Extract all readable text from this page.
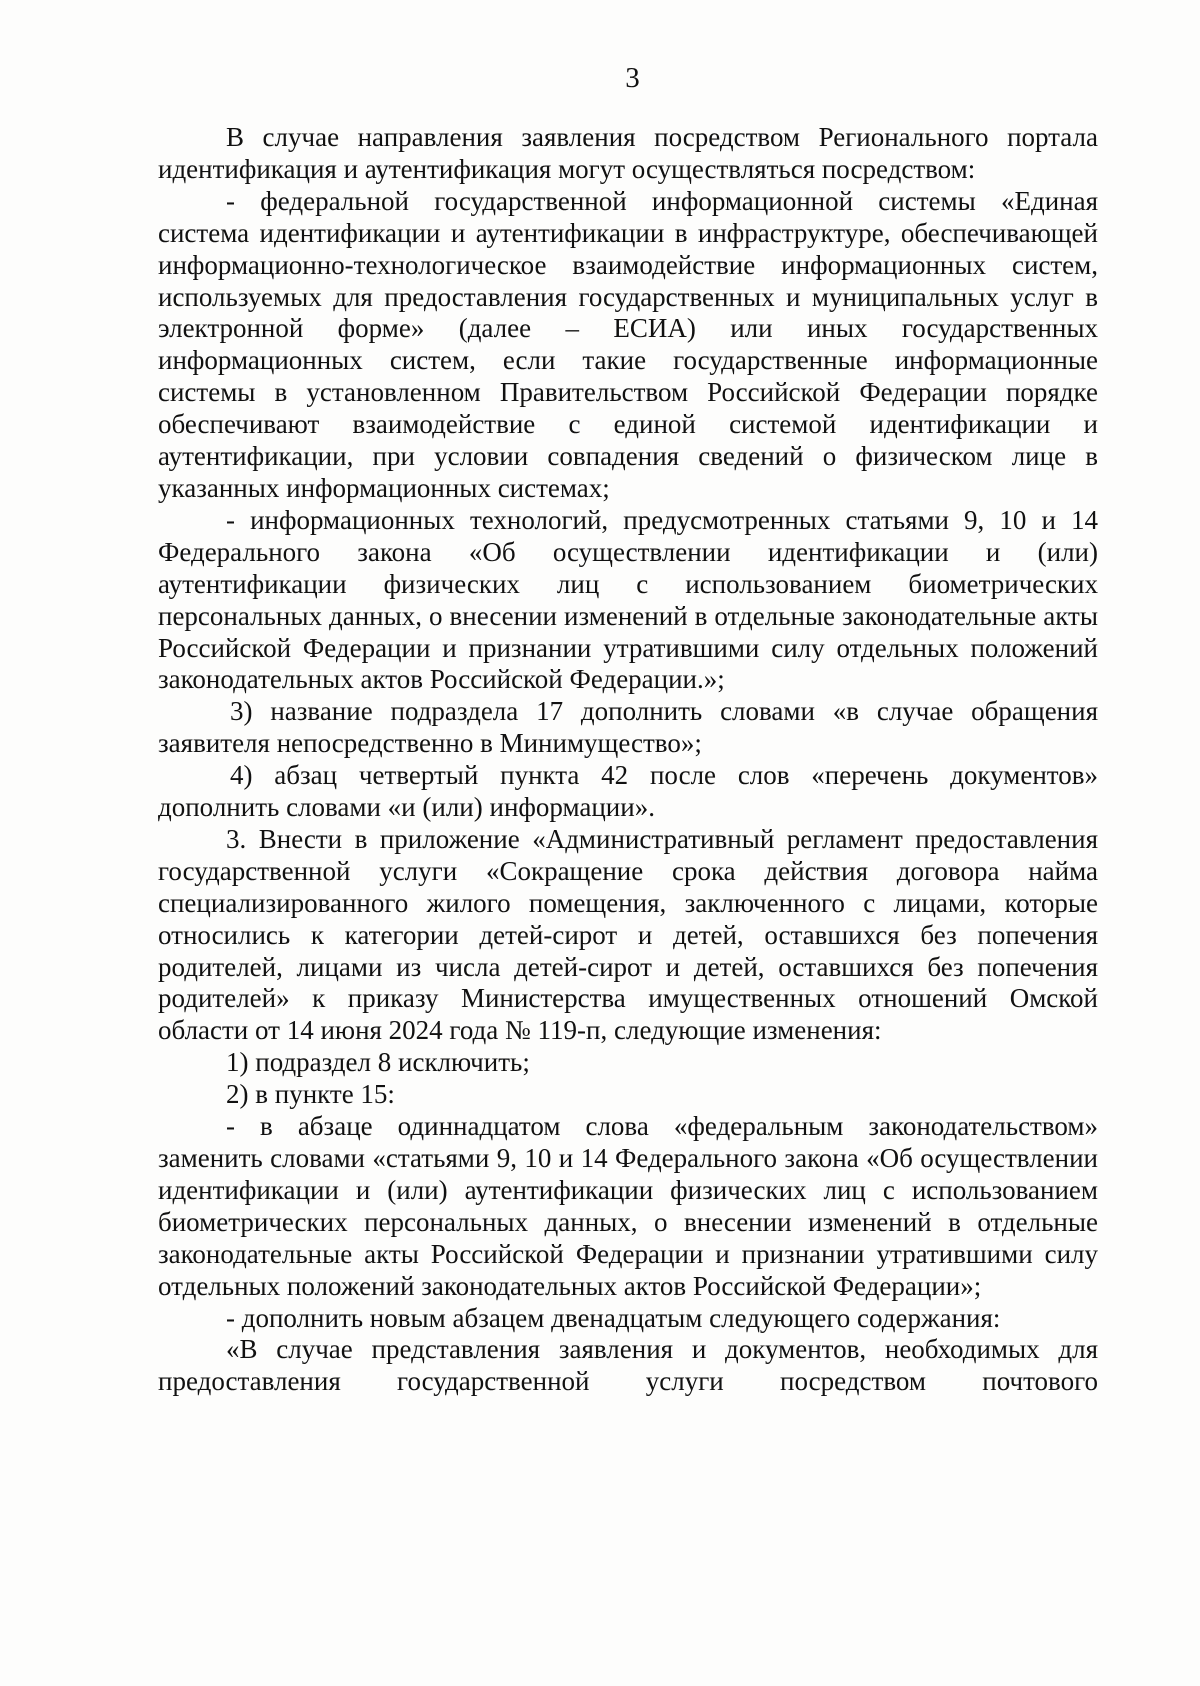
3

В случае направления заявления посредством Регионального портала идентификация и аутентификация могут осуществляться посредством:

- федеральной государственной информационной системы «Единая система идентификации и аутентификации в инфраструктуре, обеспечивающей информационно-технологическое взаимодействие информационных систем, используемых для предоставления государственных и муниципальных услуг в электронной форме» (далее – ЕСИА) или иных государственных информационных систем, если такие государственные информационные системы в установленном Правительством Российской Федерации порядке обеспечивают взаимодействие с единой системой идентификации и аутентификации, при условии совпадения сведений о физическом лице в указанных информационных системах;

- информационных технологий, предусмотренных статьями 9, 10 и 14 Федерального закона «Об осуществлении идентификации и (или) аутентификации физических лиц с использованием биометрических персональных данных, о внесении изменений в отдельные законодательные акты Российской Федерации и признании утратившими силу отдельных положений законодательных актов Российской Федерации.»;

3) название подраздела 17 дополнить словами «в случае обращения заявителя непосредственно в Минимущество»;

4) абзац четвертый пункта 42 после слов «перечень документов» дополнить словами «и (или) информации».

3. Внести в приложение «Административный регламент предоставления государственной услуги «Сокращение срока действия договора найма специализированного жилого помещения, заключенного с лицами, которые относились к категории детей-сирот и детей, оставшихся без попечения родителей, лицами из числа детей-сирот и детей, оставшихся без попечения родителей» к приказу Министерства имущественных отношений Омской области от 14 июня 2024 года № 119-п, следующие изменения:

1) подраздел 8 исключить;

2) в пункте 15:

- в абзаце одиннадцатом слова «федеральным законодательством» заменить словами «статьями 9, 10 и 14 Федерального закона «Об осуществлении идентификации и (или) аутентификации физических лиц с использованием биометрических персональных данных, о внесении изменений в отдельные законодательные акты Российской Федерации и признании утратившими силу отдельных положений законодательных актов Российской Федерации»;

- дополнить новым абзацем двенадцатым следующего содержания:

«В случае представления заявления и документов, необходимых для предоставления государственной услуги посредством почтового
